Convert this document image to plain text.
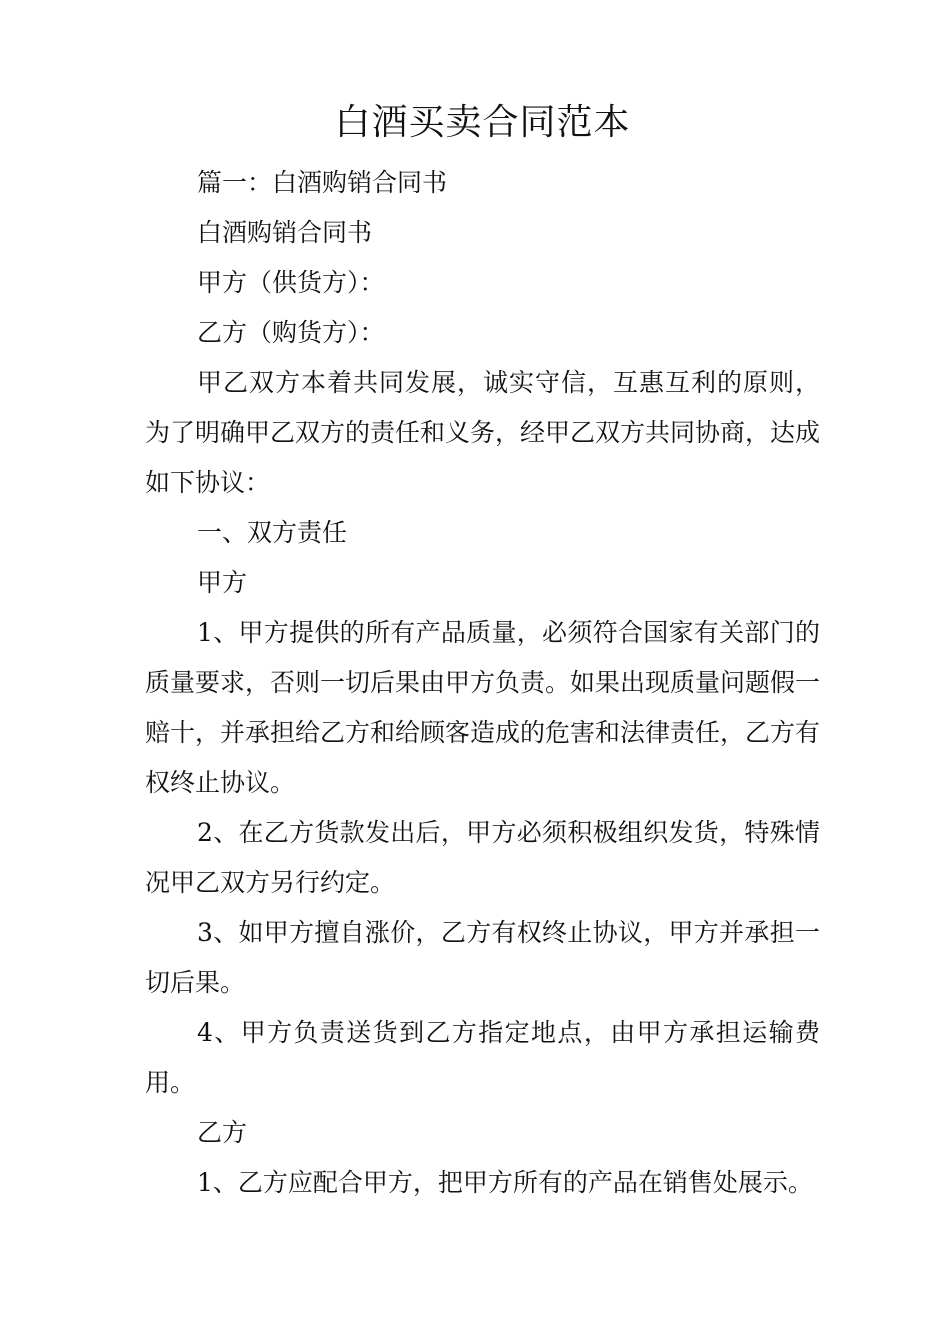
白酒买卖合同范本

篇一：白酒购销合同书

白酒购销合同书

甲方（供货方）：

乙方（购货方）：

甲乙双方本着共同发展，诚实守信，互惠互利的原则，为了明确甲乙双方的责任和义务，经甲乙双方共同协商，达成如下协议：

一、双方责任

甲方

1、甲方提供的所有产品质量，必须符合国家有关部门的质量要求，否则一切后果由甲方负责。如果出现质量问题假一赔十，并承担给乙方和给顾客造成的危害和法律责任，乙方有权终止协议。

2、在乙方货款发出后，甲方必须积极组织发货，特殊情况甲乙双方另行约定。

3、如甲方擅自涨价，乙方有权终止协议，甲方并承担一切后果。

4、甲方负责送货到乙方指定地点，由甲方承担运输费用。

乙方

1、乙方应配合甲方，把甲方所有的产品在销售处展示。
